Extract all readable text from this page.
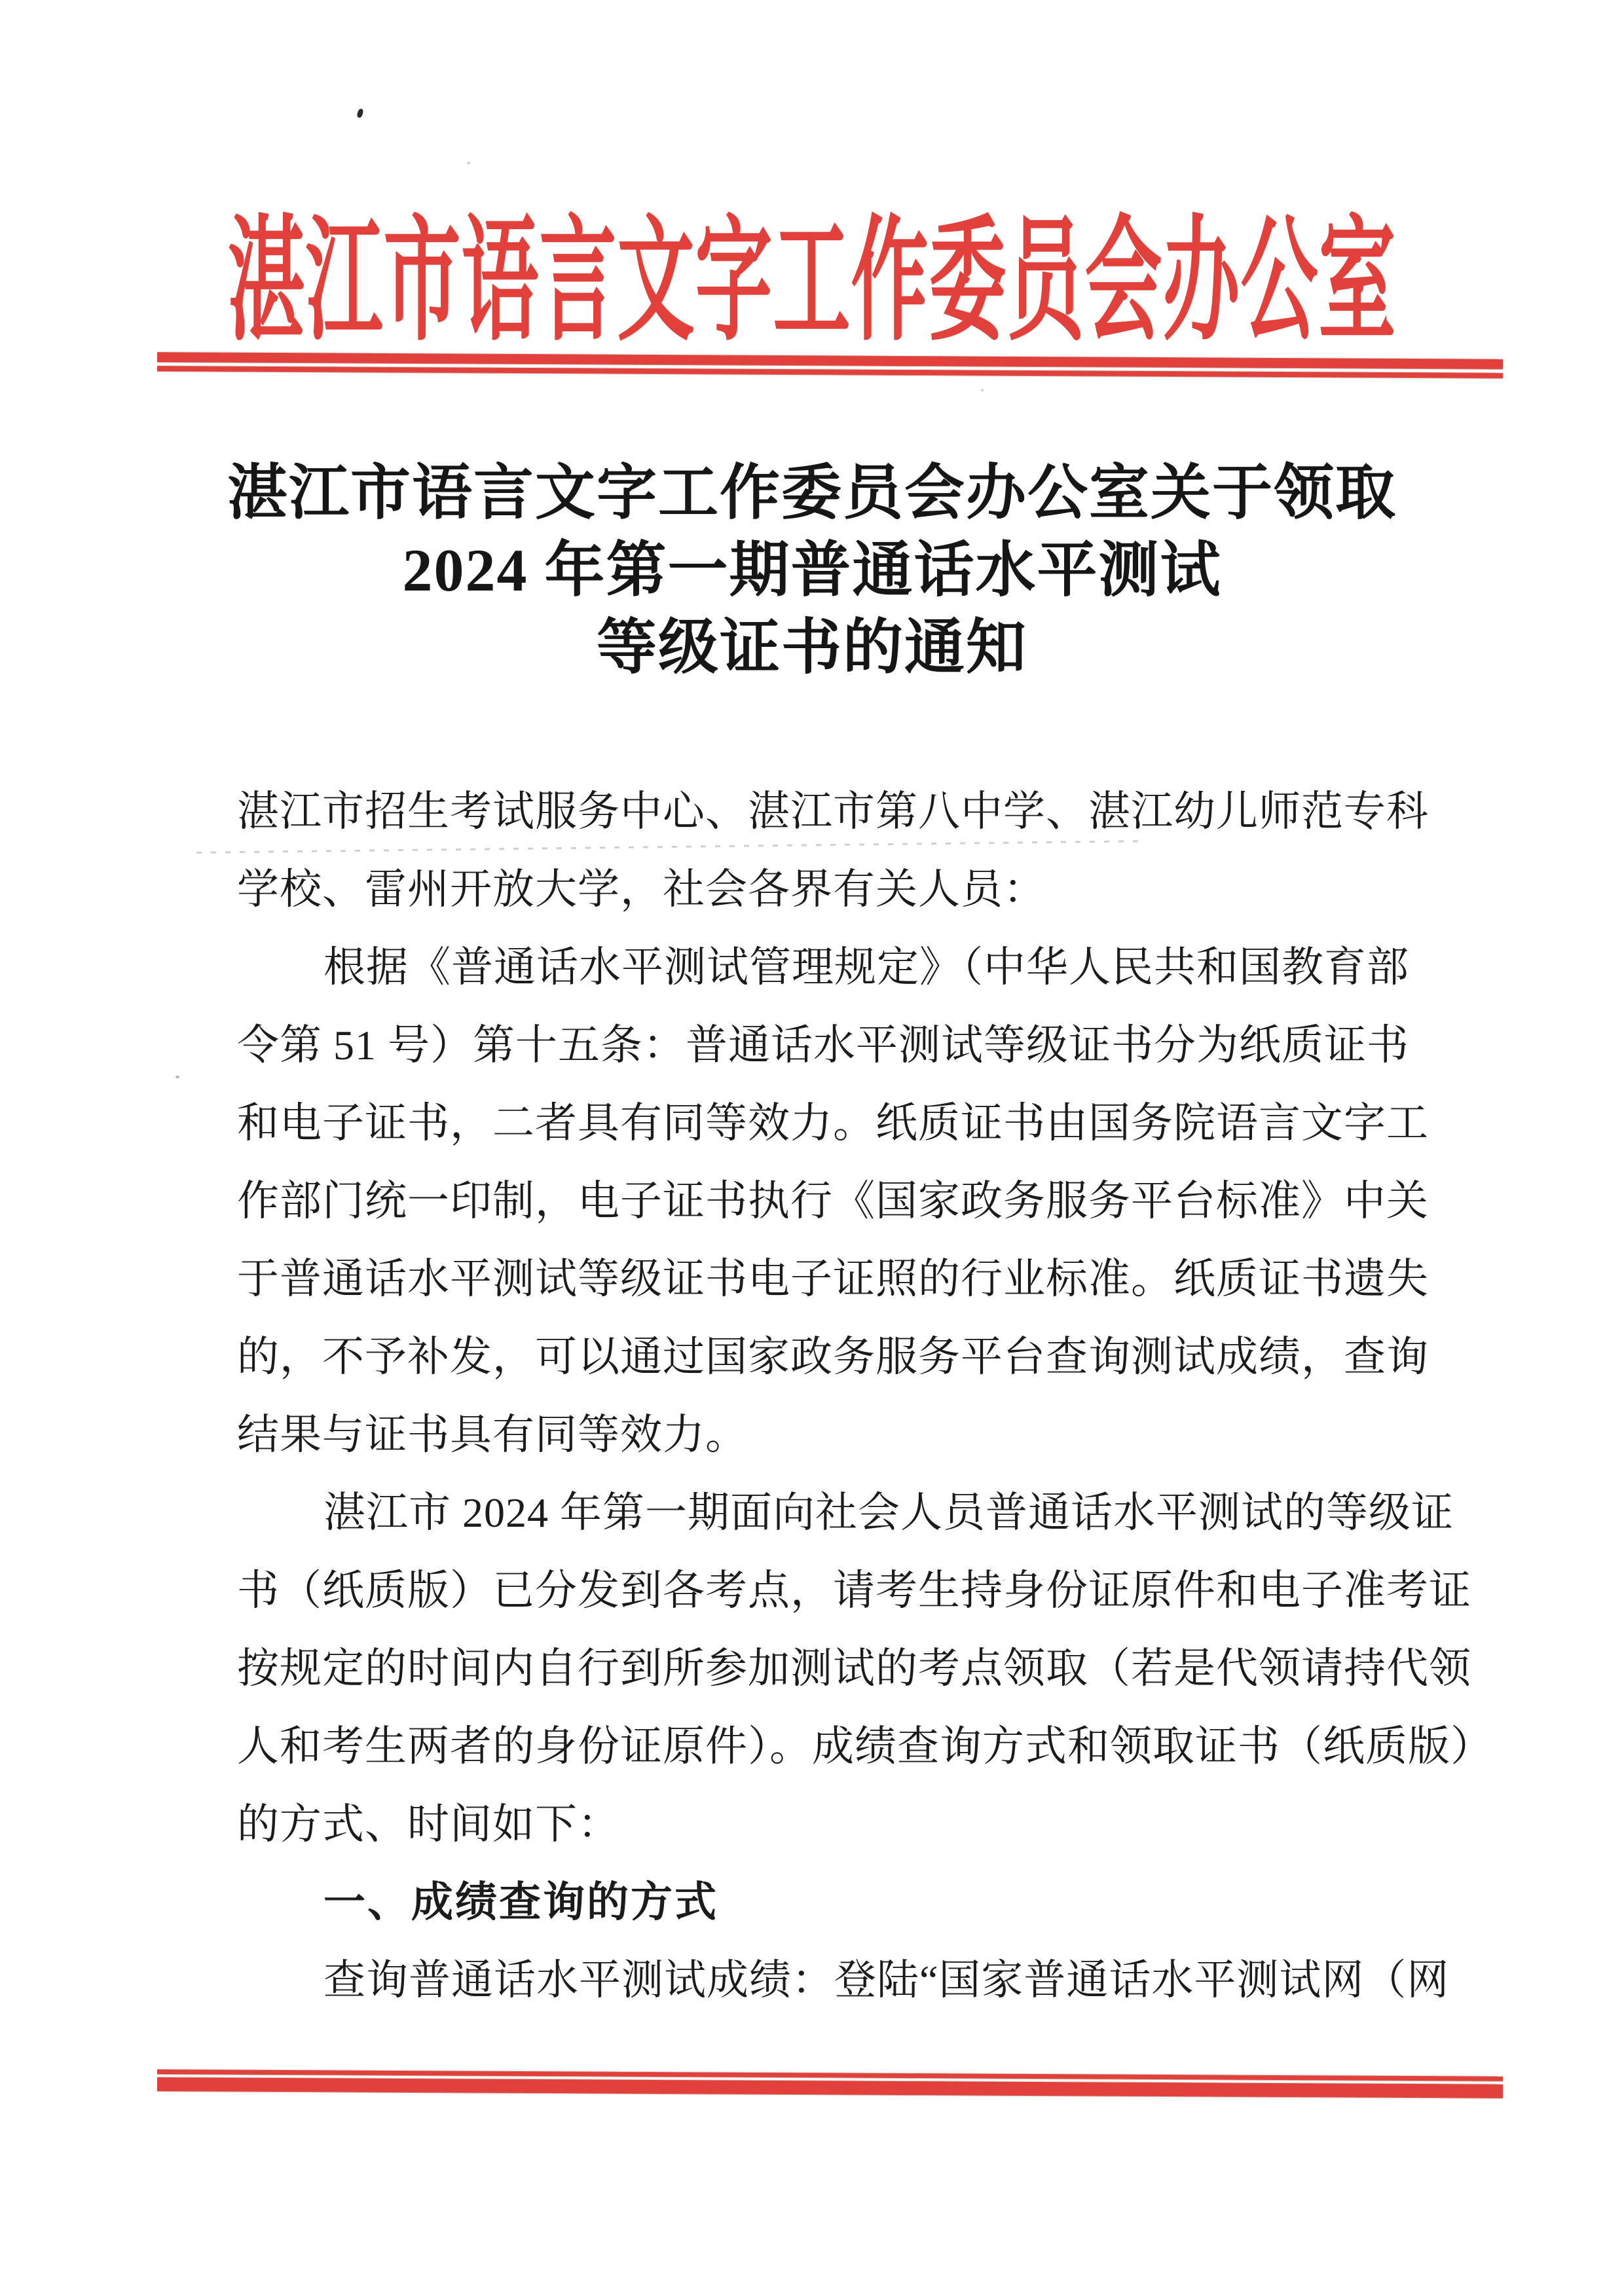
湛江市语言文字工作委员会办公室
湛江市语言文字工作委员会办公室关于领取
2024 年第一期普通话水平测试
等级证书的通知
湛江市招生考试服务中心、湛江市第八中学、湛江幼儿师范专科
学校、雷州开放大学，社会各界有关人员：
根据《普通话水平测试管理规定》（中华人民共和国教育部
令第 51 号）第十五条：普通话水平测试等级证书分为纸质证书
和电子证书，二者具有同等效力。纸质证书由国务院语言文字工
作部门统一印制，电子证书执行《国家政务服务平台标准》中关
于普通话水平测试等级证书电子证照的行业标准。纸质证书遗失
的，不予补发，可以通过国家政务服务平台查询测试成绩，查询
结果与证书具有同等效力。
湛江市 2024 年第一期面向社会人员普通话水平测试的等级证
书（纸质版）已分发到各考点，请考生持身份证原件和电子准考证
按规定的时间内自行到所参加测试的考点领取（若是代领请持代领
人和考生两者的身份证原件）。成绩查询方式和领取证书（纸质版）
的方式、时间如下：
一、成绩查询的方式
查询普通话水平测试成绩：登陆“国家普通话水平测试网（网
